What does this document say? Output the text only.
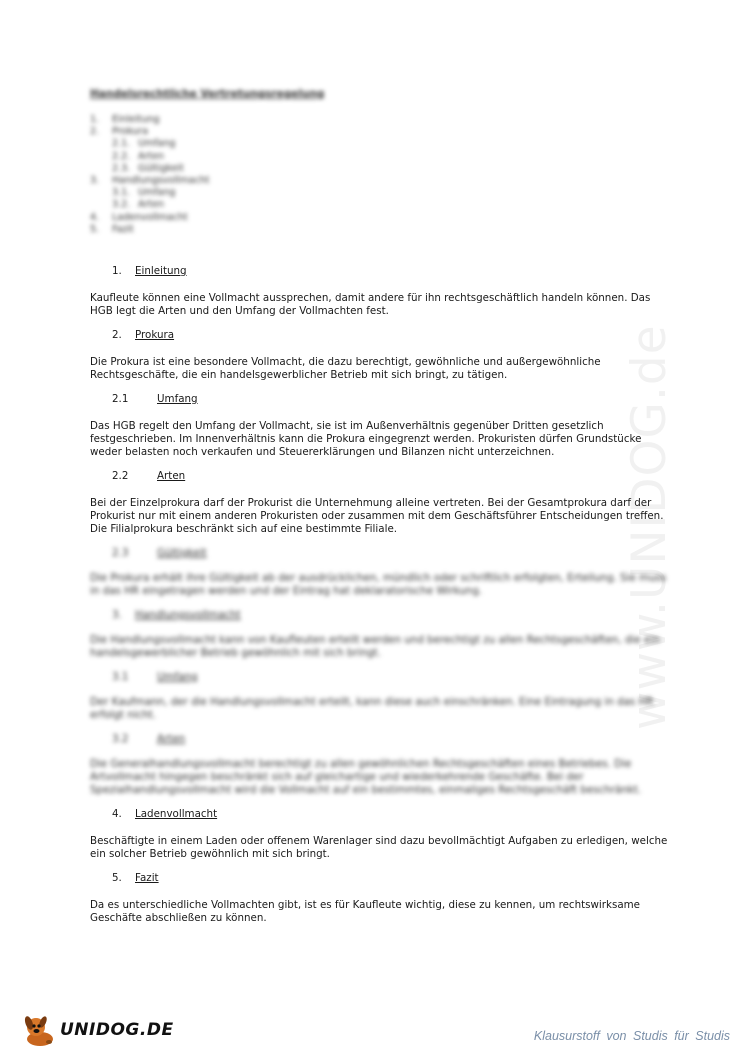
www.UNIDOG.de
Handelsrechtliche Vertretungsregelung
1.	Einleitung
2.	Prokura
2.1. Umfang
2.2. Arten
2.3. Gültigkeit
3.	Handlungsvollmacht
3.1. Umfang
3.2. Arten
4.	Ladenvollmacht
5.	Fazit
1.	Einleitung

Kaufleute können eine Vollmacht aussprechen, damit andere für ihn rechtsgeschäftlich handeln können. Das HGB legt die Arten und den Umfang der Vollmachten fest.

2.	Prokura

Die Prokura ist eine besondere Vollmacht, die dazu berechtigt, gewöhnliche und außergewöhnliche Rechtsgeschäfte, die ein handelsgewerblicher Betrieb mit sich bringt, zu tätigen.

2.1	Umfang

Das HGB regelt den Umfang der Vollmacht, sie ist im Außenverhältnis gegenüber Dritten gesetzlich festgeschrieben. Im Innenverhältnis kann die Prokura eingegrenzt werden. Prokuristen dürfen Grundstücke weder belasten noch verkaufen und Steuererklärungen und Bilanzen nicht unterzeichnen.

2.2	Arten

Bei der Einzelprokura darf der Prokurist die Unternehmung alleine vertreten. Bei der Gesamtprokura darf der Prokurist nur mit einem anderen Prokuristen oder zusammen mit dem Geschäftsführer Entscheidungen treffen. Die Filialprokura beschränkt sich auf eine bestimmte Filiale.

2.3	Gültigkeit

Die Prokura erhält ihre Gültigkeit ab der ausdrücklichen, mündlich oder schriftlich erfolgten, Erteilung. Sie muss in das HR eingetragen werden und der Eintrag hat deklaratorische Wirkung.

3.	Handlungsvollmacht

Die Handlungsvollmacht kann von Kaufleuten erteilt werden und berechtigt zu allen Rechtsgeschäften, die ein handelsgewerblicher Betrieb gewöhnlich mit sich bringt.

3.1	Umfang

Der Kaufmann, der die Handlungsvollmacht erteilt, kann diese auch einschränken. Eine Eintragung in das HR erfolgt nicht.

3.2	Arten

Die Generalhandlungsvollmacht berechtigt zu allen gewöhnlichen Rechtsgeschäften eines Betriebes. Die Artvollmacht hingegen beschränkt sich auf gleichartige und wiederkehrende Geschäfte. Bei der Spezialhandlungsvollmacht wird die Vollmacht auf ein bestimmtes, einmaliges Rechtsgeschäft beschränkt.

4.	Ladenvollmacht

Beschäftigte in einem Laden oder offenem Warenlager sind dazu bevollmächtigt Aufgaben zu erledigen, welche ein solcher Betrieb gewöhnlich mit sich bringt.

5.	Fazit

Da es unterschiedliche Vollmachten gibt, ist es für Kaufleute wichtig, diese zu kennen, um rechtswirksame Geschäfte abschließen zu können.

UNIDOG.DE	Klausurstoff von Studis für Studis
